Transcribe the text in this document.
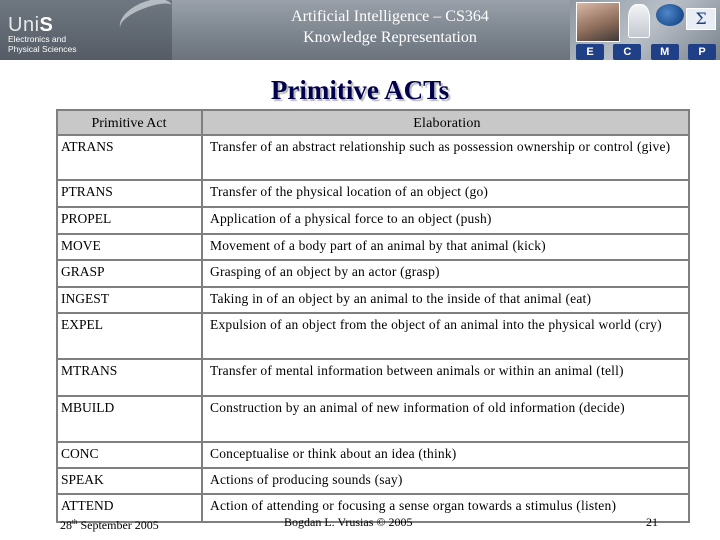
UniS
Electronics and
Physical Sciences
Artificial Intelligence – CS364
Knowledge Representation
Σ
E	C	M	P
Primitive ACTs
Primitive Act	Elaboration
ATRANS	Transfer of an abstract relationship such as possession ownership or control (give)
PTRANS	Transfer of the physical location of an object (go)
PROPEL	Application of a physical force to an object (push)
MOVE	Movement of a body part of an animal by that animal (kick)
GRASP	Grasping of an object by an actor (grasp)
INGEST	Taking in of an object by an animal to the inside of that animal (eat)
EXPEL	Expulsion of an object from the object of an animal into the physical world (cry)
MTRANS	Transfer of mental information between animals or within an animal (tell)
MBUILD	Construction by an animal of new information of old information (decide)
CONC	Conceptualise or think about an idea (think)
SPEAK	Actions of producing sounds (say)
ATTEND	Action of attending or focusing a sense organ towards a stimulus (listen)
28th September 2005	Bogdan L. Vrusias © 2005	21
